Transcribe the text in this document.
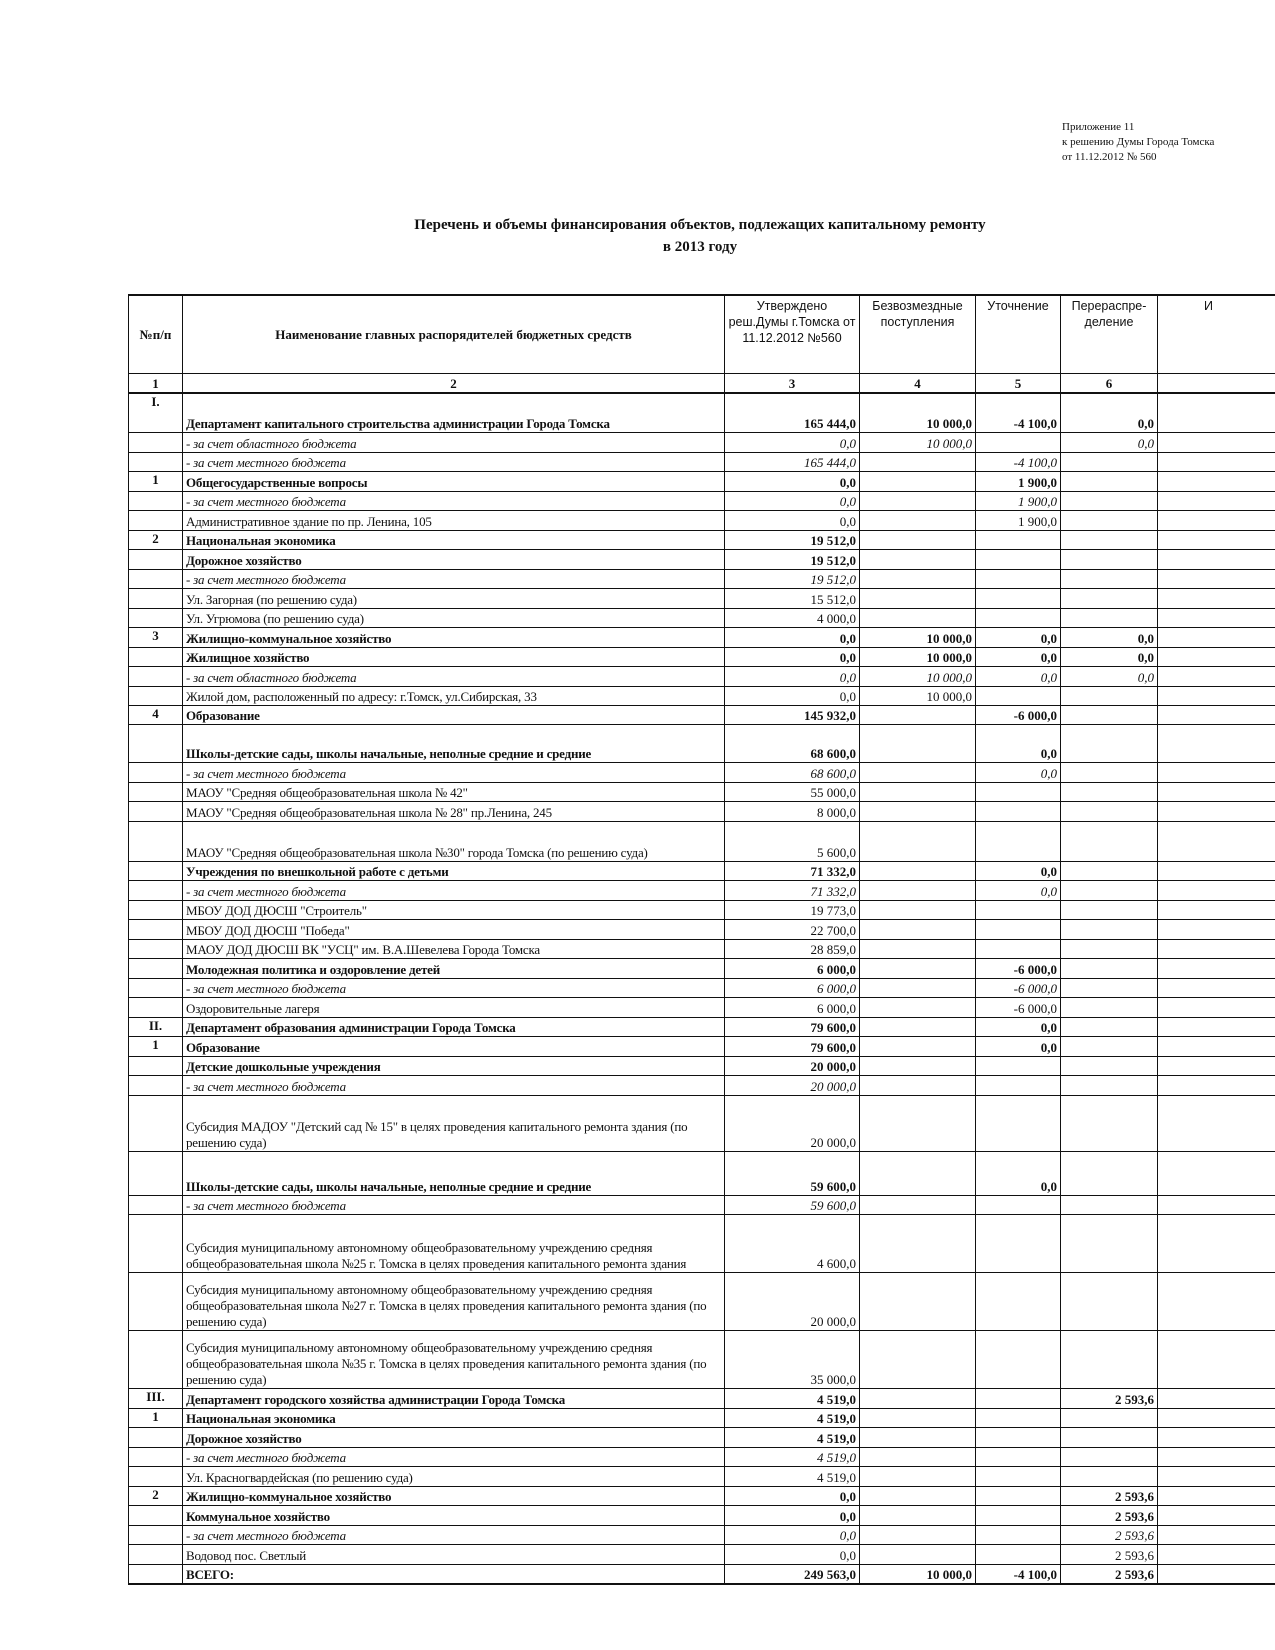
Приложение 11
к решению Думы Города Томска
от 11.12.2012 № 560
Перечень и объемы финансирования объектов, подлежащих капитальному ремонту
в 2013 году
№п/п	Наименование главных распорядителей бюджетных средств	Утверждено реш.Думы г.Томска от 11.12.2012 №560	Безвозмездные поступления	Уточнение	Перераспре-деление	И
1	2	3	4	5	6	
I.	Департамент капитального строительства администрации Города Томска	165 444,0	10 000,0	-4 100,0	0,0	
	- за счет областного бюджета	0,0	10 000,0		0,0	
	- за счет местного бюджета	165 444,0		-4 100,0		
1	Общегосударственные вопросы	0,0		1 900,0		
	- за счет местного бюджета	0,0		1 900,0		
	Административное здание по пр. Ленина, 105	0,0		1 900,0		
2	Национальная экономика	19 512,0				
	Дорожное хозяйство	19 512,0				
	- за счет местного бюджета	19 512,0				
	Ул. Загорная (по решению суда)	15 512,0				
	Ул. Угрюмова (по решению суда)	4 000,0				
3	Жилищно-коммунальное хозяйство	0,0	10 000,0	0,0	0,0	
	Жилищное хозяйство	0,0	10 000,0	0,0	0,0	
	- за счет областного бюджета	0,0	10 000,0	0,0	0,0	
	Жилой дом, расположенный по адресу: г.Томск, ул.Сибирская, 33	0,0	10 000,0			
4	Образование	145 932,0		-6 000,0		
	Школы-детские сады, школы начальные, неполные средние и средние	68 600,0		0,0		
	- за счет местного бюджета	68 600,0		0,0		
	МАОУ "Средняя общеобразовательная школа № 42"	55 000,0				
	МАОУ "Средняя общеобразовательная школа № 28" пр.Ленина, 245	8 000,0				
	МАОУ "Средняя общеобразовательная школа №30" города Томска (по решению суда)	5 600,0				
	Учреждения по внешкольной работе с детьми	71 332,0		0,0		
	- за счет местного бюджета	71 332,0		0,0		
	МБОУ ДОД ДЮСШ "Строитель"	19 773,0				
	МБОУ ДОД ДЮСШ "Победа"	22 700,0				
	МАОУ ДОД ДЮСШ ВК "УСЦ" им. В.А.Шевелева Города Томска	28 859,0				
	Молодежная политика и оздоровление детей	6 000,0		-6 000,0		
	- за счет местного бюджета	6 000,0		-6 000,0		
	Оздоровительные лагеря	6 000,0		-6 000,0		
II.	Департамент образования администрации Города Томска	79 600,0		0,0		
1	Образование	79 600,0		0,0		
	Детские дошкольные учреждения	20 000,0				
	- за счет местного бюджета	20 000,0				
	Субсидия МАДОУ "Детский сад № 15" в целях проведения капитального ремонта здания (по решению суда)	20 000,0				
	Школы-детские сады, школы начальные, неполные средние и средние	59 600,0		0,0		
	- за счет местного бюджета	59 600,0				
	Субсидия муниципальному автономному общеобразовательному учреждению средняя общеобразовательная школа №25 г. Томска в целях проведения капитального ремонта здания	4 600,0				
	Субсидия муниципальному автономному общеобразовательному учреждению средняя общеобразовательная школа №27 г. Томска в целях проведения капитального ремонта здания (по решению суда)	20 000,0				
	Субсидия муниципальному автономному общеобразовательному учреждению средняя общеобразовательная школа №35 г. Томска в целях проведения капитального ремонта здания (по решению суда)	35 000,0				
III.	Департамент городского хозяйства администрации Города Томска	4 519,0			2 593,6	
1	Национальная экономика	4 519,0				
	Дорожное хозяйство	4 519,0				
	- за счет местного бюджета	4 519,0				
	Ул. Красногвардейская (по решению суда)	4 519,0				
2	Жилищно-коммунальное хозяйство	0,0			2 593,6	
	Коммунальное хозяйство	0,0			2 593,6	
	- за счет местного бюджета	0,0			2 593,6	
	Водовод пос. Светлый	0,0			2 593,6	
	ВСЕГО:	249 563,0	10 000,0	-4 100,0	2 593,6	
